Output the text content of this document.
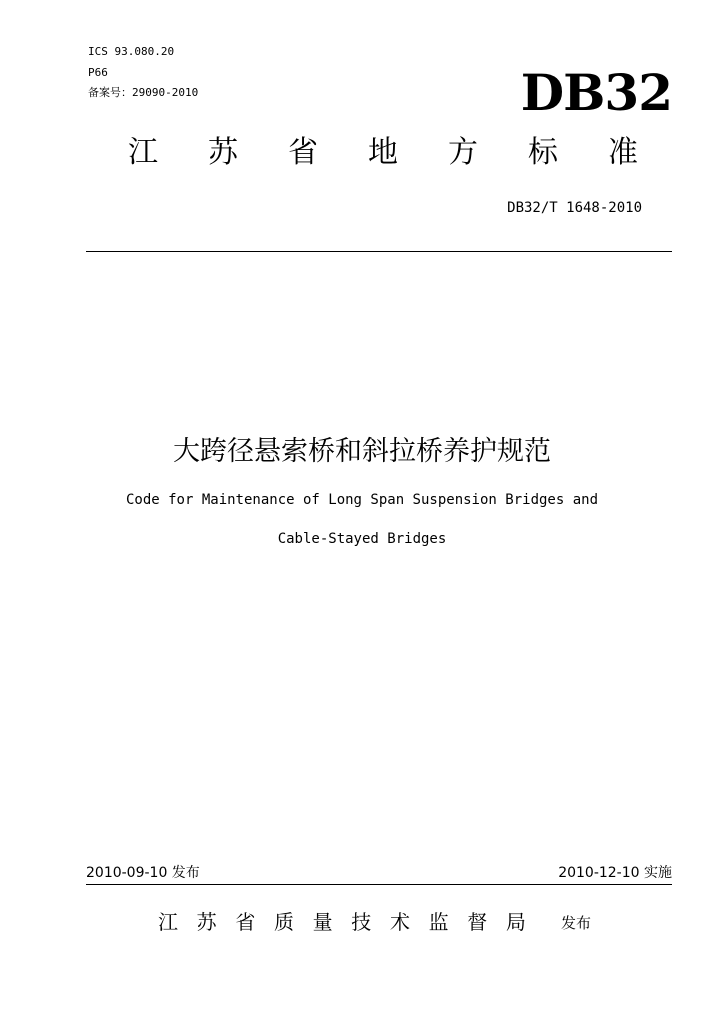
ICS 93.080.20
P66
备案号：29090-2010	DB32
江 苏 省 地 方 标 准
DB32/T 1648-2010
大跨径悬索桥和斜拉桥养护规范
Code for Maintenance of Long Span Suspension Bridges and
Cable-Stayed Bridges
2010-09-10 发布	2010-12-10 实施
江 苏 省 质 量 技 术 监 督 局 发布
